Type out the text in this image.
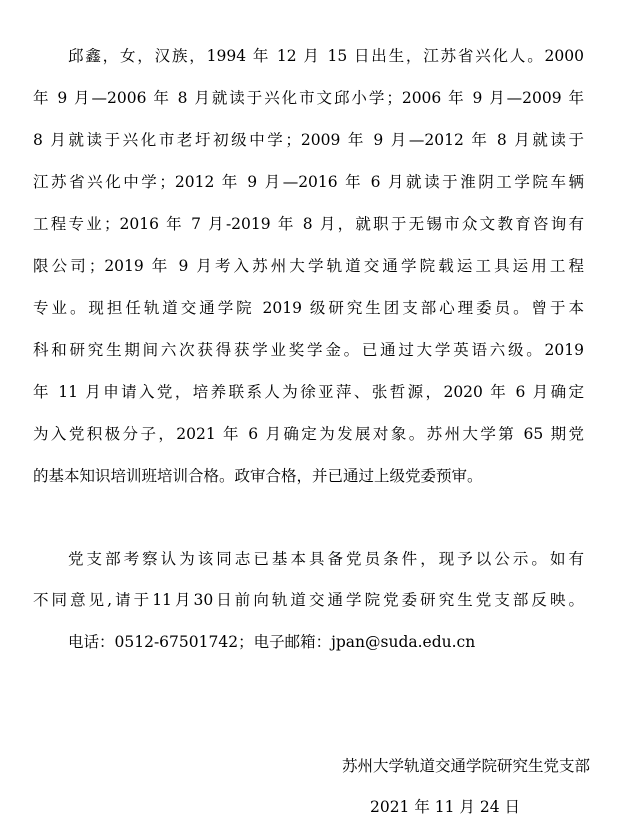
邱鑫，女，汉族，1994 年 12 月 15 日出生，江苏省兴化人。2000
年 9 月—2006 年 8 月就读于兴化市文邱小学；2006 年 9 月—2009 年
8 月就读于兴化市老圩初级中学；2009 年 9 月—2012 年 8 月就读于
江苏省兴化中学；2012 年 9 月—2016 年 6 月就读于淮阴工学院车辆
工程专业；2016 年 7 月-2019 年 8 月，就职于无锡市众文教育咨询有
限公司；2019 年 9 月考入苏州大学轨道交通学院载运工具运用工程
专业。现担任轨道交通学院 2019 级研究生团支部心理委员。曾于本
科和研究生期间六次获得获学业奖学金。已通过大学英语六级。2019
年 11 月申请入党，培养联系人为徐亚萍、张哲源，2020 年 6 月确定
为入党积极分子，2021 年 6 月确定为发展对象。苏州大学第 65 期党
的基本知识培训班培训合格。政审合格，并已通过上级党委预审。
党支部考察认为该同志已基本具备党员条件，现予以公示。如有
不同意见,请于11月30日前向轨道交通学院党委研究生党支部反映。
电话：0512-67501742；电子邮箱：jpan@suda.edu.cn
苏州大学轨道交通学院研究生党支部
2021 年 11 月 24 日
